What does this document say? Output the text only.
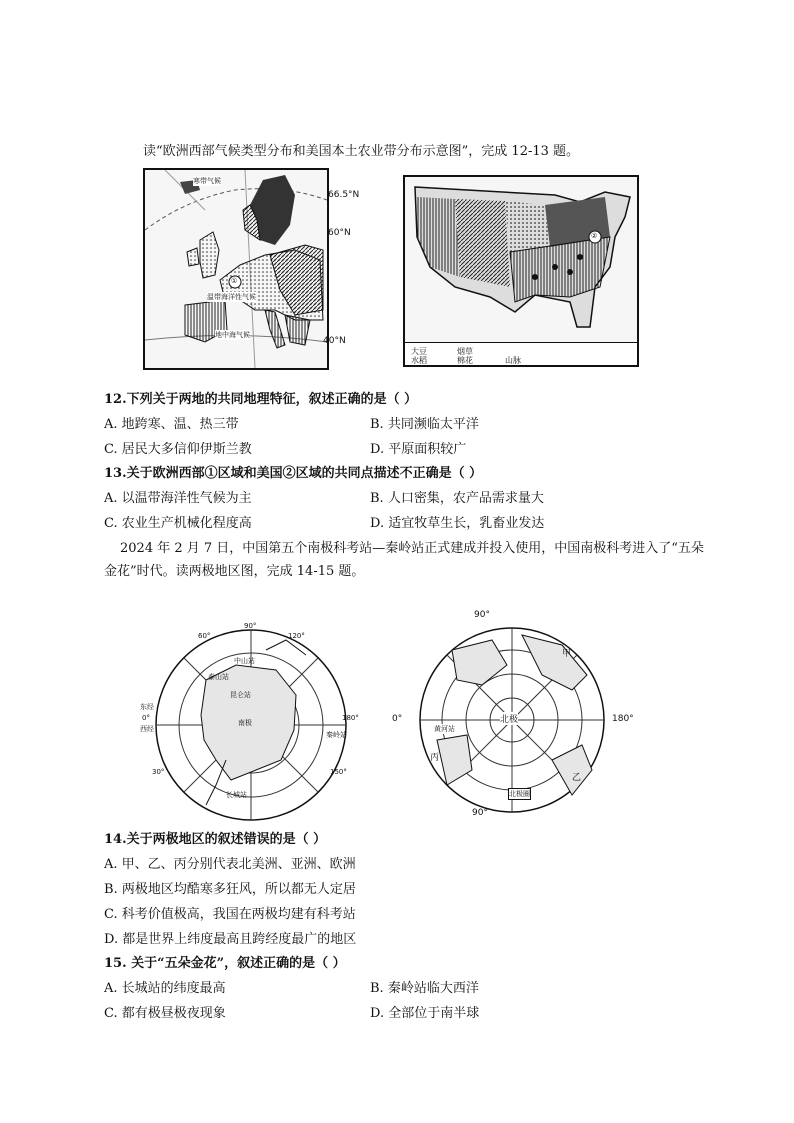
读“欧洲西部气候类型分布和美国本土农业带分布示意图”，完成 12-13 题。
寒带气候
温带海洋性气候
地中海气候
①
66.5°N
60°N
40°N
②
大豆	烟草
水稻	棉花	山脉
12.下列关于两地的共同地理特征，叙述正确的是（ ）
A. 地跨寒、温、热三带	B. 共同濒临太平洋
C. 居民大多信仰伊斯兰教	D. 平原面积较广
13.关于欧洲西部①区域和美国②区域的共同点描述不正确是（ ）
A. 以温带海洋性气候为主	B. 人口密集，农产品需求量大
C. 农业生产机械化程度高	D. 适宜牧草生长，乳畜业发达
2024 年 2 月 7 日，中国第五个南极科考站—秦岭站正式建成并投入使用，中国南极科考进入了“五朵
金花”时代。读两极地区图，完成 14-15 题。
60°
90°
120°
东经
0°
西经
180°
30°	150°
中山站
泰山站
昆仑站
南极
长城站
秦岭站
90°
0°	180°
北极
黄河站
北极圈
甲
乙
丙
90°
14.关于两极地区的叙述错误的是（ ）
A. 甲、乙、丙分别代表北美洲、亚洲、欧洲
B. 两极地区均酷寒多狂风，所以都无人定居
C. 科考价值极高，我国在两极均建有科考站
D. 都是世界上纬度最高且跨经度最广的地区
15. 关于“五朵金花”，叙述正确的是（ ）
A. 长城站的纬度最高	B. 秦岭站临大西洋
C. 都有极昼极夜现象	D. 全部位于南半球
